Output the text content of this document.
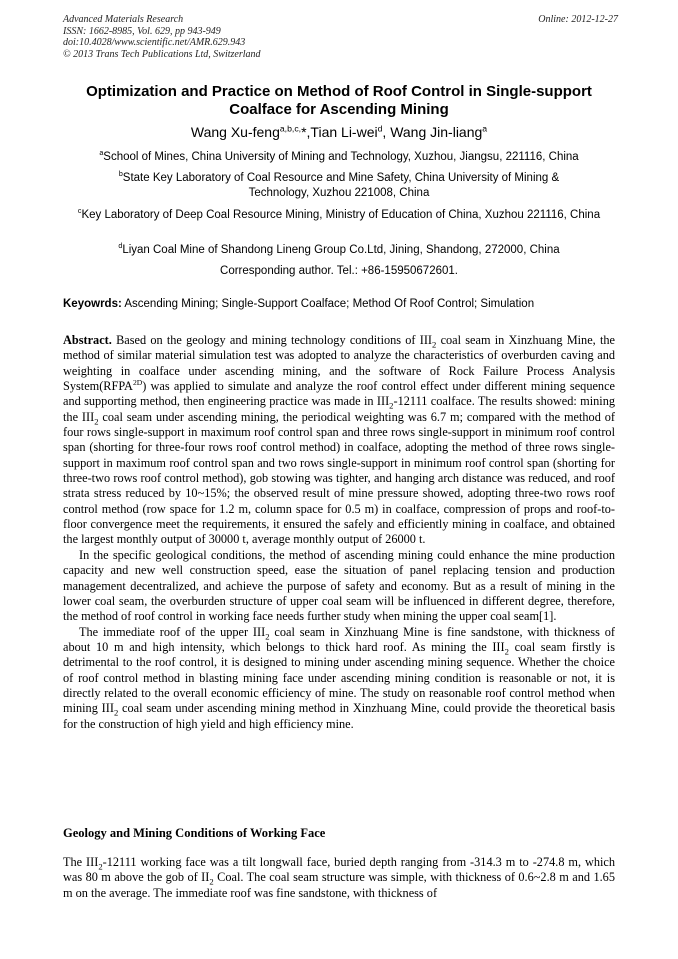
Advanced Materials Research
ISSN: 1662-8985, Vol. 629, pp 943-949
doi:10.4028/www.scientific.net/AMR.629.943
© 2013 Trans Tech Publications Ltd, Switzerland
Online: 2012-12-27
Optimization and Practice on Method of Roof Control in Single-support
Coalface for Ascending Mining
Wang Xu-feng$^{a,b,c,}$*,Tian Li-wei$^d$, Wang Jin-liang$^a$
$^a$School of Mines, China University of Mining and Technology, Xuzhou, Jiangsu, 221116, China
$^b$State Key Laboratory of Coal Resource and Mine Safety, China University of Mining & Technology, Xuzhou 221008, China
$^c$Key Laboratory of Deep Coal Resource Mining, Ministry of Education of China, Xuzhou 221116, China
$^d$Liyan Coal Mine of Shandong Lineng Group Co.Ltd, Jining, Shandong, 272000, China
Corresponding author. Tel.: +86-15950672601.
Keyowrds: Ascending Mining; Single-Support Coalface; Method Of Roof Control; Simulation

Abstract. Based on the geology and mining technology conditions of $III_2$ coal seam in Xinzhuang Mine, the method of similar material simulation test was adopted to analyze the characteristics of overburden caving and weighting in coalface under ascending mining, and the software of Rock Failure Process Analysis $System(RFPA^{2D})$ was applied to simulate and analyze the roof control effect under different mining sequence and supporting method, then engineering practice was made in $III_2-12111$ coalface. The results showed: mining the $III_2$ coal seam under ascending mining, the periodical weighting was 6.7 m; compared with the method of four rows single-support in maximum roof control span and three rows single-support in minimum roof control span (shorting for three-four rows roof control method) in coalface, adopting the method of three rows single-support in maximum roof control span and two rows single-support in minimum roof control span (shorting for three-two rows roof control method), gob stowing was tighter, and hanging arch distance was reduced, and roof strata stress reduced by 10~15%; the observed result of mine pressure showed, adopting three-two rows roof control method (row space for 1.2 m, column space for 0.5 m) in coalface, compression of props and roof-to-floor convergence meet the requirements, it ensured the safely and efficiently mining in coalface, and obtained the largest monthly output of 30000 t, average monthly output of 26000 t.

In the specific geological conditions, the method of ascending mining could enhance the mine production capacity and new well construction speed, ease the situation of panel replacing tension and production management decentralized, and achieve the purpose of safety and economy. But as a result of mining in the lower coal seam, the overburden structure of upper coal seam will be influenced in different degree, therefore, the method of roof control in working face needs further study when mining the upper coal seam[1].

The immediate roof of the upper $III_2$ coal seam in Xinzhuang Mine is fine sandstone, with thickness of about 10 m and high intensity, which belongs to thick hard roof. As mining the $III_2$ coal seam firstly is detrimental to the roof control, it is designed to mining under ascending mining sequence. Whether the choice of roof control method in blasting mining face under ascending mining condition is reasonable or not, it is directly related to the overall economic efficiency of mine. The study on reasonable roof control method when mining $III_2$ coal seam under ascending mining method in Xinzhuang Mine, could provide the theoretical basis for the construction of high yield and high efficiency mine.

Geology and Mining Conditions of Working Face

The $III_2-12111$ working face was a tilt longwall face, buried depth ranging from -314.3 m to -274.8 m, which was 80 m above the gob of $II_2$ Coal. The coal seam structure was simple, with thickness of 0.6~2.8 m and 1.65 m on the average. The immediate roof was fine sandstone, with thickness of
